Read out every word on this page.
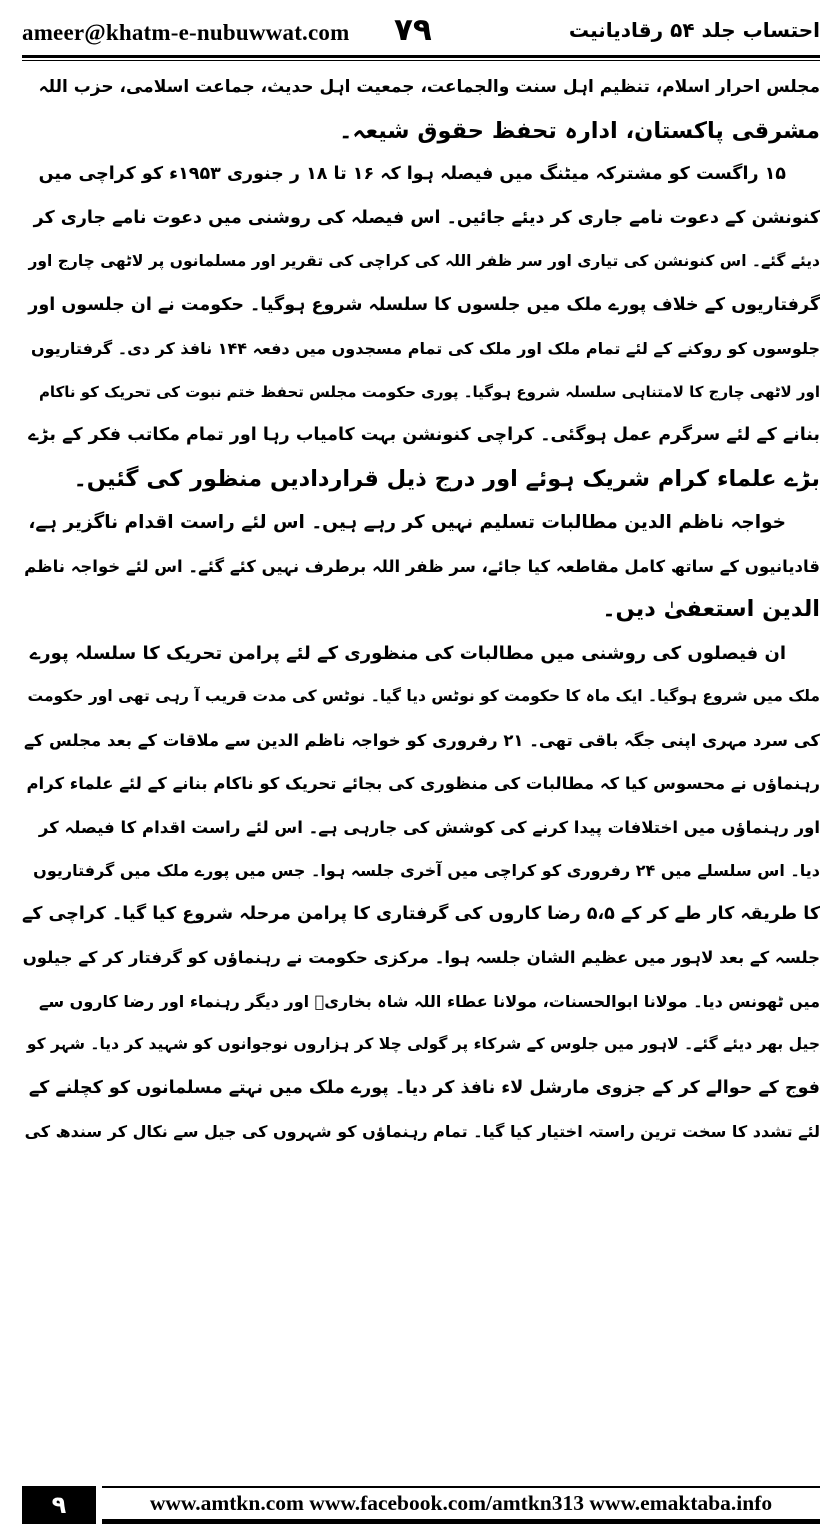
ameer@khatm-e-nubuwwat.com ۷۹	احتساب جلد ۵۴ رقادیانیت
مجلس احرار اسلام، تنظیم اہل سنت والجماعت، جمعیت اہل حدیث، جماعت اسلامی، حزب اللہ
مشرقی پاکستان، ادارہ تحفظ حقوق شیعہ۔
۱۵ راگست کو مشترکہ میٹنگ میں فیصلہ ہوا کہ ۱۶ تا ۱۸ ر جنوری ۱۹۵۳ء کو کراچی میں
کنونشن کے دعوت نامے جاری کر دیئے جائیں۔ اس فیصلہ کی روشنی میں دعوت نامے جاری کر
دیئے گئے۔ اس کنونشن کی تیاری اور سر ظفر اللہ کی کراچی کی تقریر اور مسلمانوں پر لاٹھی چارج اور
گرفتاریوں کے خلاف پورے ملک میں جلسوں کا سلسلہ شروع ہوگیا۔ حکومت نے ان جلسوں اور
جلوسوں کو روکنے کے لئے تمام ملک اور ملک کی تمام مسجدوں میں دفعہ ۱۴۴ نافذ کر دی۔ گرفتاریوں
اور لاٹھی چارج کا لامتناہی سلسلہ شروع ہوگیا۔ پوری حکومت مجلس تحفظ ختم نبوت کی تحریک کو ناکام
بنانے کے لئے سرگرم عمل ہوگئی۔ کراچی کنونشن بہت کامیاب رہا اور تمام مکاتب فکر کے بڑے
بڑے علماء کرام شریک ہوئے اور درج ذیل قراردادیں منظور کی گئیں۔
خواجہ ناظم الدین مطالبات تسلیم نہیں کر رہے ہیں۔ اس لئے راست اقدام ناگزیر ہے،
قادیانیوں کے ساتھ کامل مقاطعہ کیا جائے، سر ظفر اللہ برطرف نہیں کئے گئے۔ اس لئے خواجہ ناظم
الدین استعفیٰ دیں۔
ان فیصلوں کی روشنی میں مطالبات کی منظوری کے لئے پرامن تحریک کا سلسلہ پورے
ملک میں شروع ہوگیا۔ ایک ماہ کا حکومت کو نوٹس دیا گیا۔ نوٹس کی مدت قریب آ رہی تھی اور حکومت
کی سرد مہری اپنی جگہ باقی تھی۔ ۲۱ رفروری کو خواجہ ناظم الدین سے ملاقات کے بعد مجلس کے
رہنماؤں نے محسوس کیا کہ مطالبات کی منظوری کی بجائے تحریک کو ناکام بنانے کے لئے علماء کرام
اور رہنماؤں میں اختلافات پیدا کرنے کی کوشش کی جارہی ہے۔ اس لئے راست اقدام کا فیصلہ کر
دیا۔ اس سلسلے میں ۲۴ رفروری کو کراچی میں آخری جلسہ ہوا۔ جس میں پورے ملک میں گرفتاریوں
کا طریقہ کار طے کر کے ۵،۵ رضا کاروں کی گرفتاری کا پرامن مرحلہ شروع کیا گیا۔ کراچی کے
جلسہ کے بعد لاہور میں عظیم الشان جلسہ ہوا۔ مرکزی حکومت نے رہنماؤں کو گرفتار کر کے جیلوں
میں ٹھونس دیا۔ مولانا ابوالحسنات، مولانا عطاء اللہ شاہ بخاریؒ اور دیگر رہنماء اور رضا کاروں سے
جیل بھر دیئے گئے۔ لاہور میں جلوس کے شرکاء پر گولی چلا کر ہزاروں نوجوانوں کو شہید کر دیا۔ شہر کو
فوج کے حوالے کر کے جزوی مارشل لاء نافذ کر دیا۔ پورے ملک میں نہتے مسلمانوں کو کچلنے کے
لئے تشدد کا سخت ترین راستہ اختیار کیا گیا۔ تمام رہنماؤں کو شہروں کی جیل سے نکال کر سندھ کی
۹	www.amtkn.com www.facebook.com/amtkn313 www.emaktaba.info
